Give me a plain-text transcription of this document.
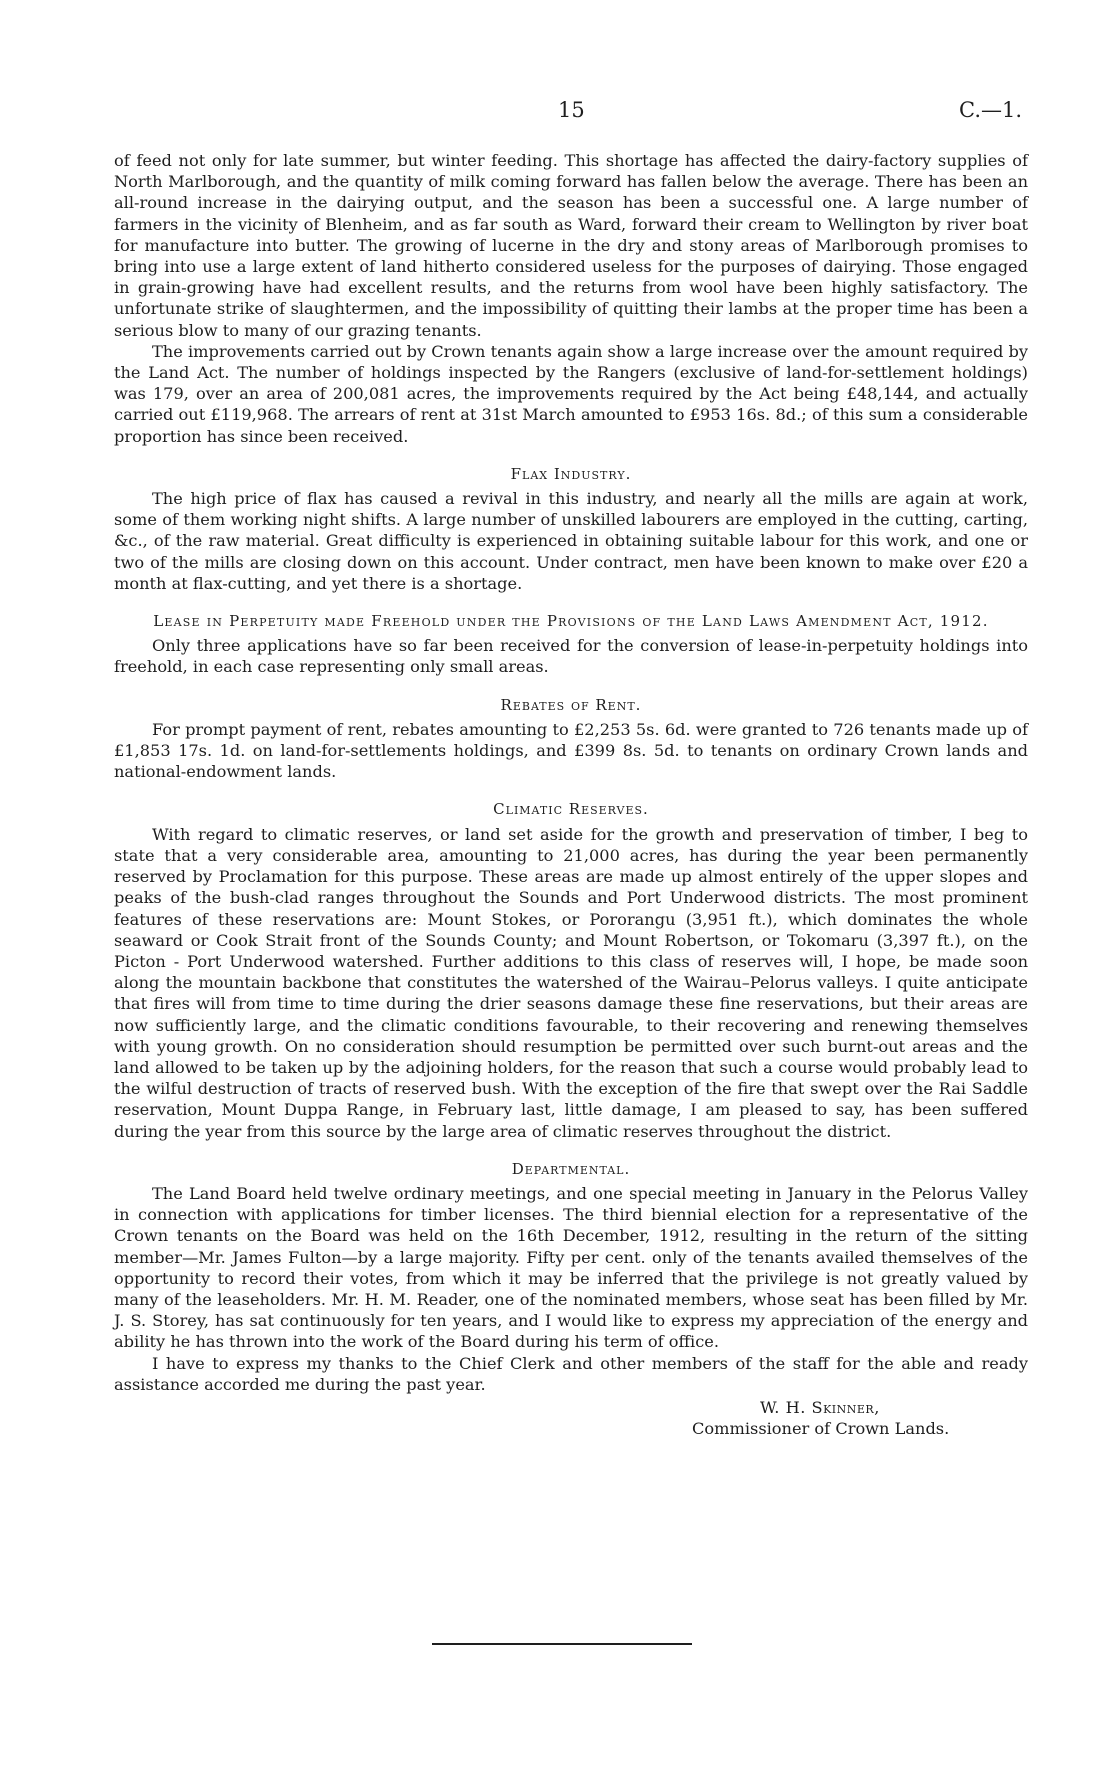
15	C.—1.

of feed not only for late summer, but winter feeding. This shortage has affected the dairy-factory supplies of North Marlborough, and the quantity of milk coming forward has fallen below the average. There has been an all-round increase in the dairying output, and the season has been a successful one. A large number of farmers in the vicinity of Blenheim, and as far south as Ward, forward their cream to Wellington by river boat for manufacture into butter. The growing of lucerne in the dry and stony areas of Marlborough promises to bring into use a large extent of land hitherto considered useless for the purposes of dairying. Those engaged in grain-growing have had excellent results, and the returns from wool have been highly satisfactory. The unfortunate strike of slaughtermen, and the impossibility of quitting their lambs at the proper time has been a serious blow to many of our grazing tenants.

The improvements carried out by Crown tenants again show a large increase over the amount required by the Land Act. The number of holdings inspected by the Rangers (exclusive of land-for-settlement holdings) was 179, over an area of 200,081 acres, the improvements required by the Act being £48,144, and actually carried out £119,968. The arrears of rent at 31st March amounted to £953 16s. 8d.; of this sum a considerable proportion has since been received.

Flax Industry.

The high price of flax has caused a revival in this industry, and nearly all the mills are again at work, some of them working night shifts. A large number of unskilled labourers are employed in the cutting, carting, &c., of the raw material. Great difficulty is experienced in obtaining suitable labour for this work, and one or two of the mills are closing down on this account. Under contract, men have been known to make over £20 a month at flax-cutting, and yet there is a shortage.

Lease in Perpetuity made Freehold under the Provisions of the Land Laws Amendment Act, 1912.

Only three applications have so far been received for the conversion of lease-in-perpetuity holdings into freehold, in each case representing only small areas.

Rebates of Rent.

For prompt payment of rent, rebates amounting to £2,253 5s. 6d. were granted to 726 tenants made up of £1,853 17s. 1d. on land-for-settlements holdings, and £399 8s. 5d. to tenants on ordinary Crown lands and national-endowment lands.

Climatic Reserves.

With regard to climatic reserves, or land set aside for the growth and preservation of timber, I beg to state that a very considerable area, amounting to 21,000 acres, has during the year been permanently reserved by Proclamation for this purpose. These areas are made up almost entirely of the upper slopes and peaks of the bush-clad ranges throughout the Sounds and Port Underwood districts. The most prominent features of these reservations are: Mount Stokes, or Pororangu (3,951 ft.), which dominates the whole seaward or Cook Strait front of the Sounds County; and Mount Robertson, or Tokomaru (3,397 ft.), on the Picton - Port Underwood watershed. Further additions to this class of reserves will, I hope, be made soon along the mountain backbone that constitutes the watershed of the Wairau–Pelorus valleys. I quite anticipate that fires will from time to time during the drier seasons damage these fine reservations, but their areas are now sufficiently large, and the climatic conditions favourable, to their recovering and renewing themselves with young growth. On no consideration should resumption be permitted over such burnt-out areas and the land allowed to be taken up by the adjoining holders, for the reason that such a course would probably lead to the wilful destruction of tracts of reserved bush. With the exception of the fire that swept over the Rai Saddle reservation, Mount Duppa Range, in February last, little damage, I am pleased to say, has been suffered during the year from this source by the large area of climatic reserves throughout the district.

Departmental.

The Land Board held twelve ordinary meetings, and one special meeting in January in the Pelorus Valley in connection with applications for timber licenses. The third biennial election for a representative of the Crown tenants on the Board was held on the 16th December, 1912, resulting in the return of the sitting member—Mr. James Fulton—by a large majority. Fifty per cent. only of the tenants availed themselves of the opportunity to record their votes, from which it may be inferred that the privilege is not greatly valued by many of the leaseholders. Mr. H. M. Reader, one of the nominated members, whose seat has been filled by Mr. J. S. Storey, has sat continuously for ten years, and I would like to express my appreciation of the energy and ability he has thrown into the work of the Board during his term of office.

I have to express my thanks to the Chief Clerk and other members of the staff for the able and ready assistance accorded me during the past year.

W. H. Skinner,
Commissioner of Crown Lands.
